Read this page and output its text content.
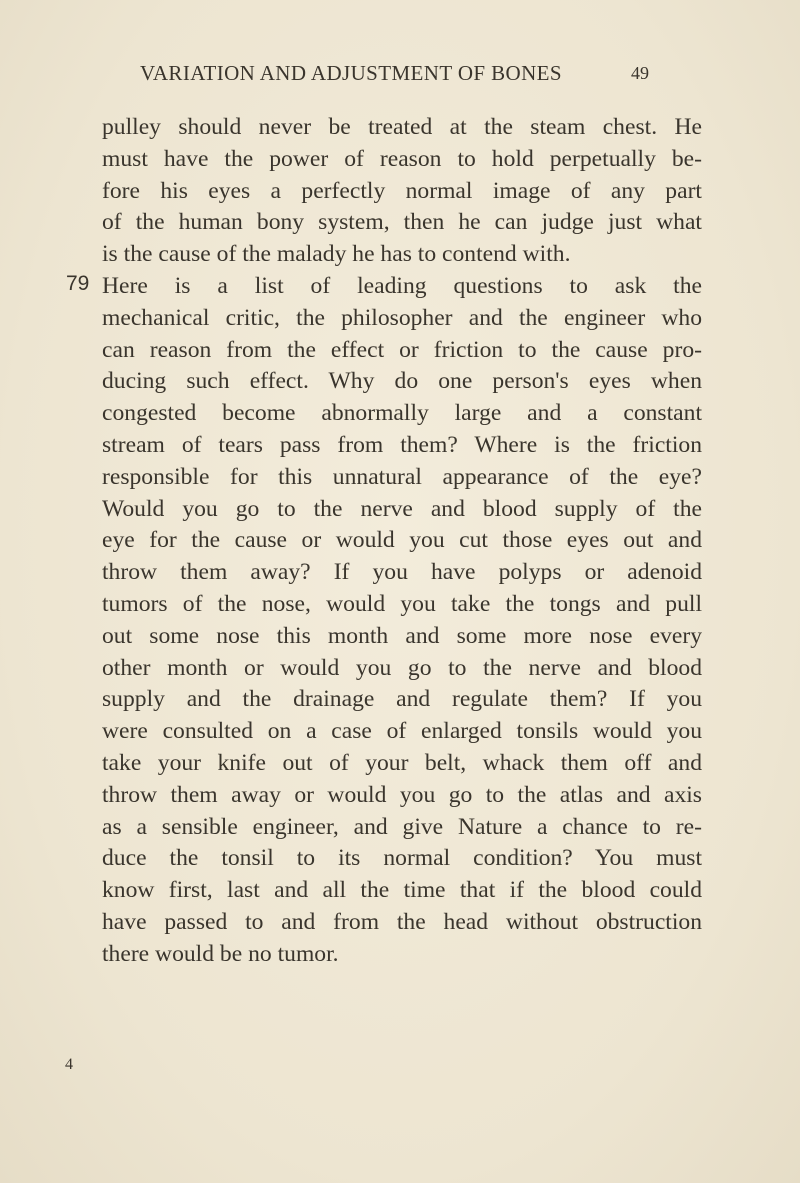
VARIATION AND ADJUSTMENT OF BONES	49
79
pulley should never be treated at the steam chest. He
must have the power of reason to hold perpetually be-
fore his eyes a perfectly normal image of any part
of the human bony system, then he can judge just what
is the cause of the malady he has to contend with.
Here is a list of leading questions to ask the
mechanical critic, the philosopher and the engineer who
can reason from the effect or friction to the cause pro-
ducing such effect. Why do one person's eyes when
congested become abnormally large and a constant
stream of tears pass from them? Where is the friction
responsible for this unnatural appearance of the eye?
Would you go to the nerve and blood supply of the
eye for the cause or would you cut those eyes out and
throw them away? If you have polyps or adenoid
tumors of the nose, would you take the tongs and pull
out some nose this month and some more nose every
other month or would you go to the nerve and blood
supply and the drainage and regulate them? If you
were consulted on a case of enlarged tonsils would you
take your knife out of your belt, whack them off and
throw them away or would you go to the atlas and axis
as a sensible engineer, and give Nature a chance to re-
duce the tonsil to its normal condition? You must
know first, last and all the time that if the blood could
have passed to and from the head without obstruction
there would be no tumor.
4
